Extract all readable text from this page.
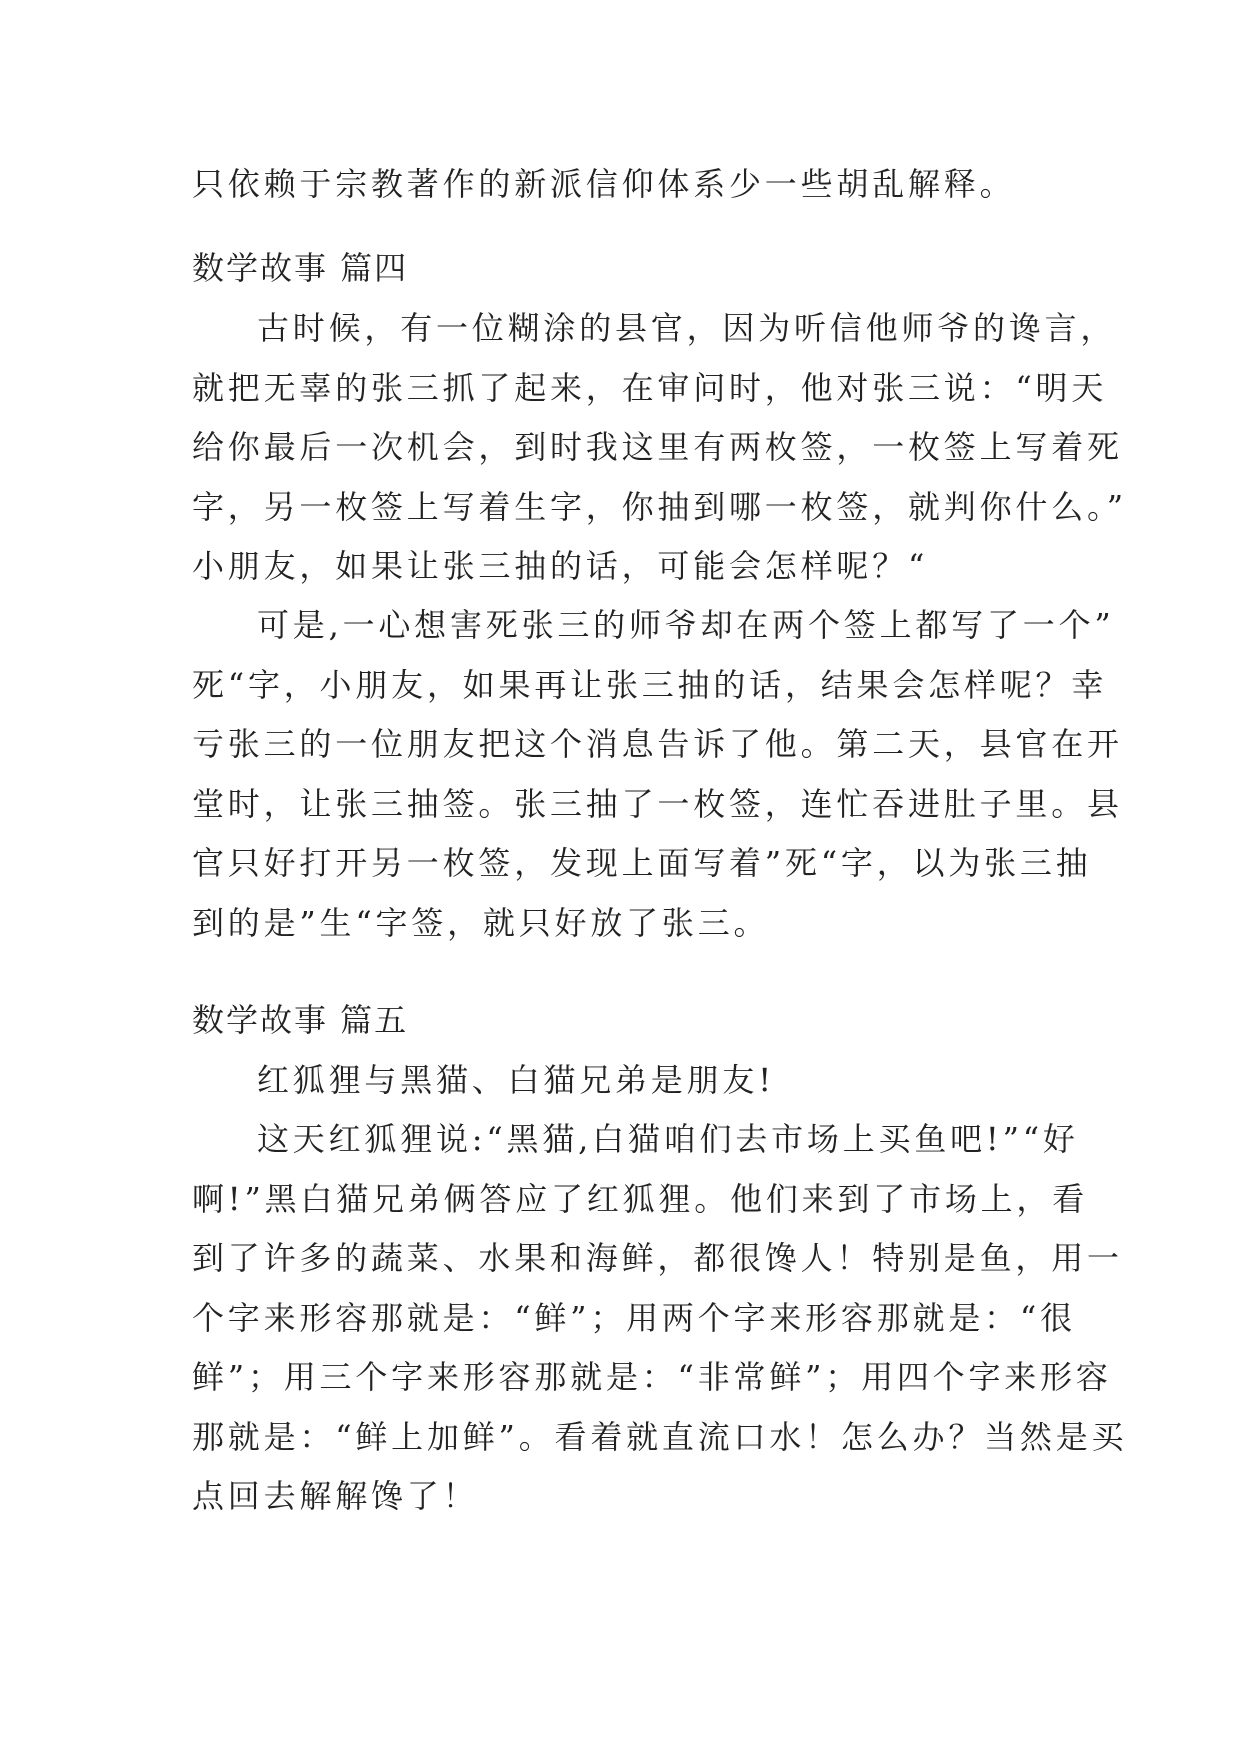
只依赖于宗教著作的新派信仰体系少一些胡乱解释。
数学故事 篇四
古时候，有一位糊涂的县官，因为听信他师爷的谗言，
就把无辜的张三抓了起来，在审问时，他对张三说：“明天
给你最后一次机会，到时我这里有两枚签，一枚签上写着死
字，另一枚签上写着生字，你抽到哪一枚签，就判你什么。”
小朋友，如果让张三抽的话，可能会怎样呢？“
可是,一心想害死张三的师爷却在两个签上都写了一个”
死“字，小朋友，如果再让张三抽的话，结果会怎样呢？幸
亏张三的一位朋友把这个消息告诉了他。第二天，县官在开
堂时，让张三抽签。张三抽了一枚签，连忙吞进肚子里。县
官只好打开另一枚签，发现上面写着”死“字，以为张三抽
到的是”生“字签，就只好放了张三。
数学故事 篇五
红狐狸与黑猫、白猫兄弟是朋友!
这天红狐狸说:“黑猫,白猫咱们去市场上买鱼吧!”“好
啊!”黑白猫兄弟俩答应了红狐狸。他们来到了市场上，看
到了许多的蔬菜、水果和海鲜，都很馋人！特别是鱼，用一
个字来形容那就是：“鲜”；用两个字来形容那就是：“很
鲜”；用三个字来形容那就是：“非常鲜”；用四个字来形容
那就是：“鲜上加鲜”。看着就直流口水！怎么办？当然是买
点回去解解馋了！
